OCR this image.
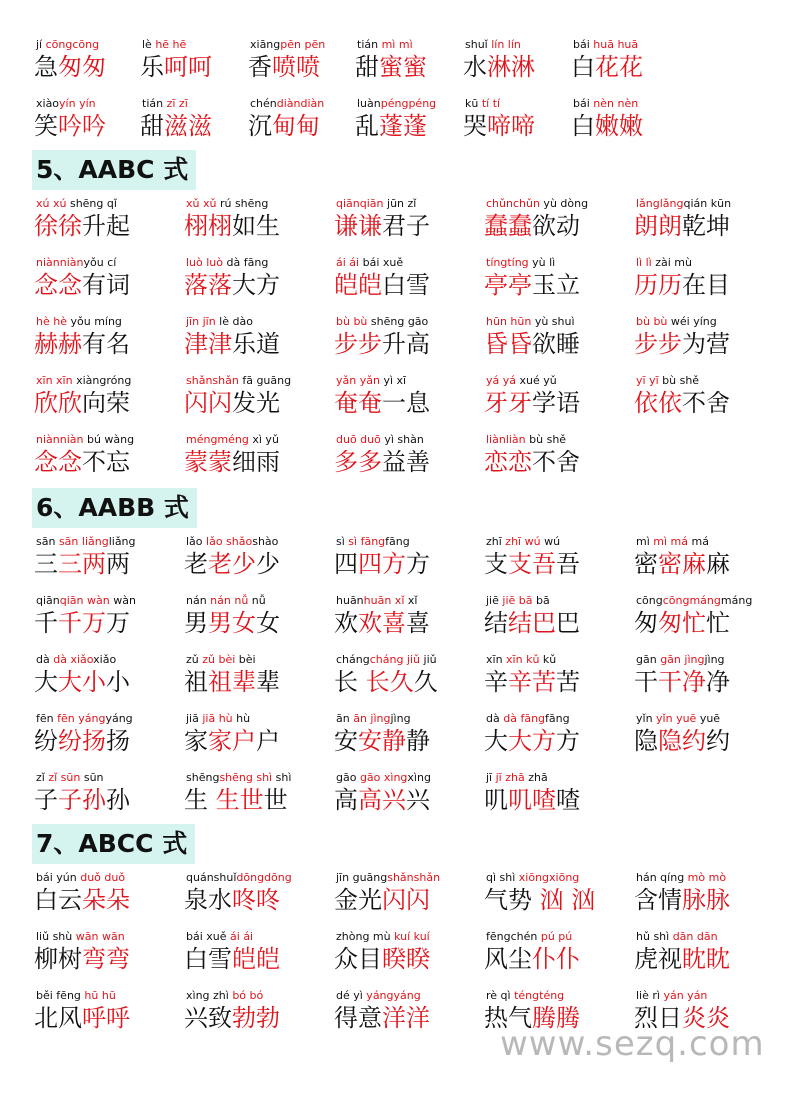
jí cōngcōng
急匆匆
lè hē hē
乐呵呵
xiāngpēn pēn
香喷喷
tián mì mì
甜蜜蜜
shuǐ lín lín
水淋淋
bái huā huā
白花花
xiàoyín yín
笑吟吟
tián zī zī
甜滋滋
chéndiàndiàn
沉甸甸
luànpéngpéng
乱蓬蓬
kū tí tí
哭啼啼
bái nèn nèn
白嫩嫩
5、AABC 式
xú xú shēng qǐ
徐徐升起
xǔ xǔ rú shēng
栩栩如生
qiānqiān jūn zǐ
谦谦君子
chǔnchǔn yù dòng
蠢蠢欲动
lǎnglǎngqián kūn
朗朗乾坤
niànniànyǒu cí
念念有词
luò luò dà fāng
落落大方
ái ái bái xuě
皑皑白雪
tíngtíng yù lì
亭亭玉立
lì lì zài mù
历历在目
hè hè yǒu míng
赫赫有名
jīn jīn lè dào
津津乐道
bù bù shēng gāo
步步升高
hūn hūn yù shuì
昏昏欲睡
bù bù wéi yíng
步步为营
xīn xīn xiàngróng
欣欣向荣
shǎnshǎn fā guāng
闪闪发光
yǎn yǎn yì xī
奄奄一息
yá yá xué yǔ
牙牙学语
yī yī bù shě
依依不舍
niànniàn bú wàng
念念不忘
méngméng xì yǔ
蒙蒙细雨
duō duō yì shàn
多多益善
liànliàn bù shě
恋恋不舍
6、AABB 式
sān sān liǎngliǎng
三三两两
lǎo lǎo shǎoshào
老老少少
sì sì fāngfāng
四四方方
zhī zhī wú wú
支支吾吾
mì mì má má
密密麻麻
qiānqiān wàn wàn
千千万万
nán nán nǚ nǚ
男男女女
huānhuān xǐ xǐ
欢欢喜喜
jiē jiē bā bā
结结巴巴
cōngcōngmángmáng
匆匆忙忙
dà dà xiǎoxiǎo
大大小小
zǔ zǔ bèi bèi
祖祖辈辈
chángcháng jiǔ jiǔ
长 长久久
xīn xīn kǔ kǔ
辛辛苦苦
gān gān jìngjìng
干干净净
fēn fēn yángyáng
纷纷扬扬
jiā jiā hù hù
家家户户
ān ān jìngjìng
安安静静
dà dà fāngfāng
大大方方
yǐn yǐn yuē yuē
隐隐约约
zǐ zǐ sūn sūn
子子孙孙
shēngshēng shì shì
生 生世世
gāo gāo xìngxìng
高高兴兴
jī jī zhā zhā
叽叽喳喳
7、ABCC 式
bái yún duǒ duǒ
白云朵朵
quánshuǐdōngdōng
泉水咚咚
jīn guāngshǎnshǎn
金光闪闪
qì shì xiōngxiōng
气势 汹 汹
hán qíng mò mò
含情脉脉
liǔ shù wān wān
柳树弯弯
bái xuě ái ái
白雪皑皑
zhòng mù kuí kuí
众目睽睽
fēngchén pú pú
风尘仆仆
hǔ shì dān dān
虎视眈眈
běi fēng hū hū
北风呼呼
xìng zhì bó bó
兴致勃勃
dé yì yángyáng
得意洋洋
rè qì téngténg
热气腾腾
liè rì yán yán
烈日炎炎
www.sezq.com
